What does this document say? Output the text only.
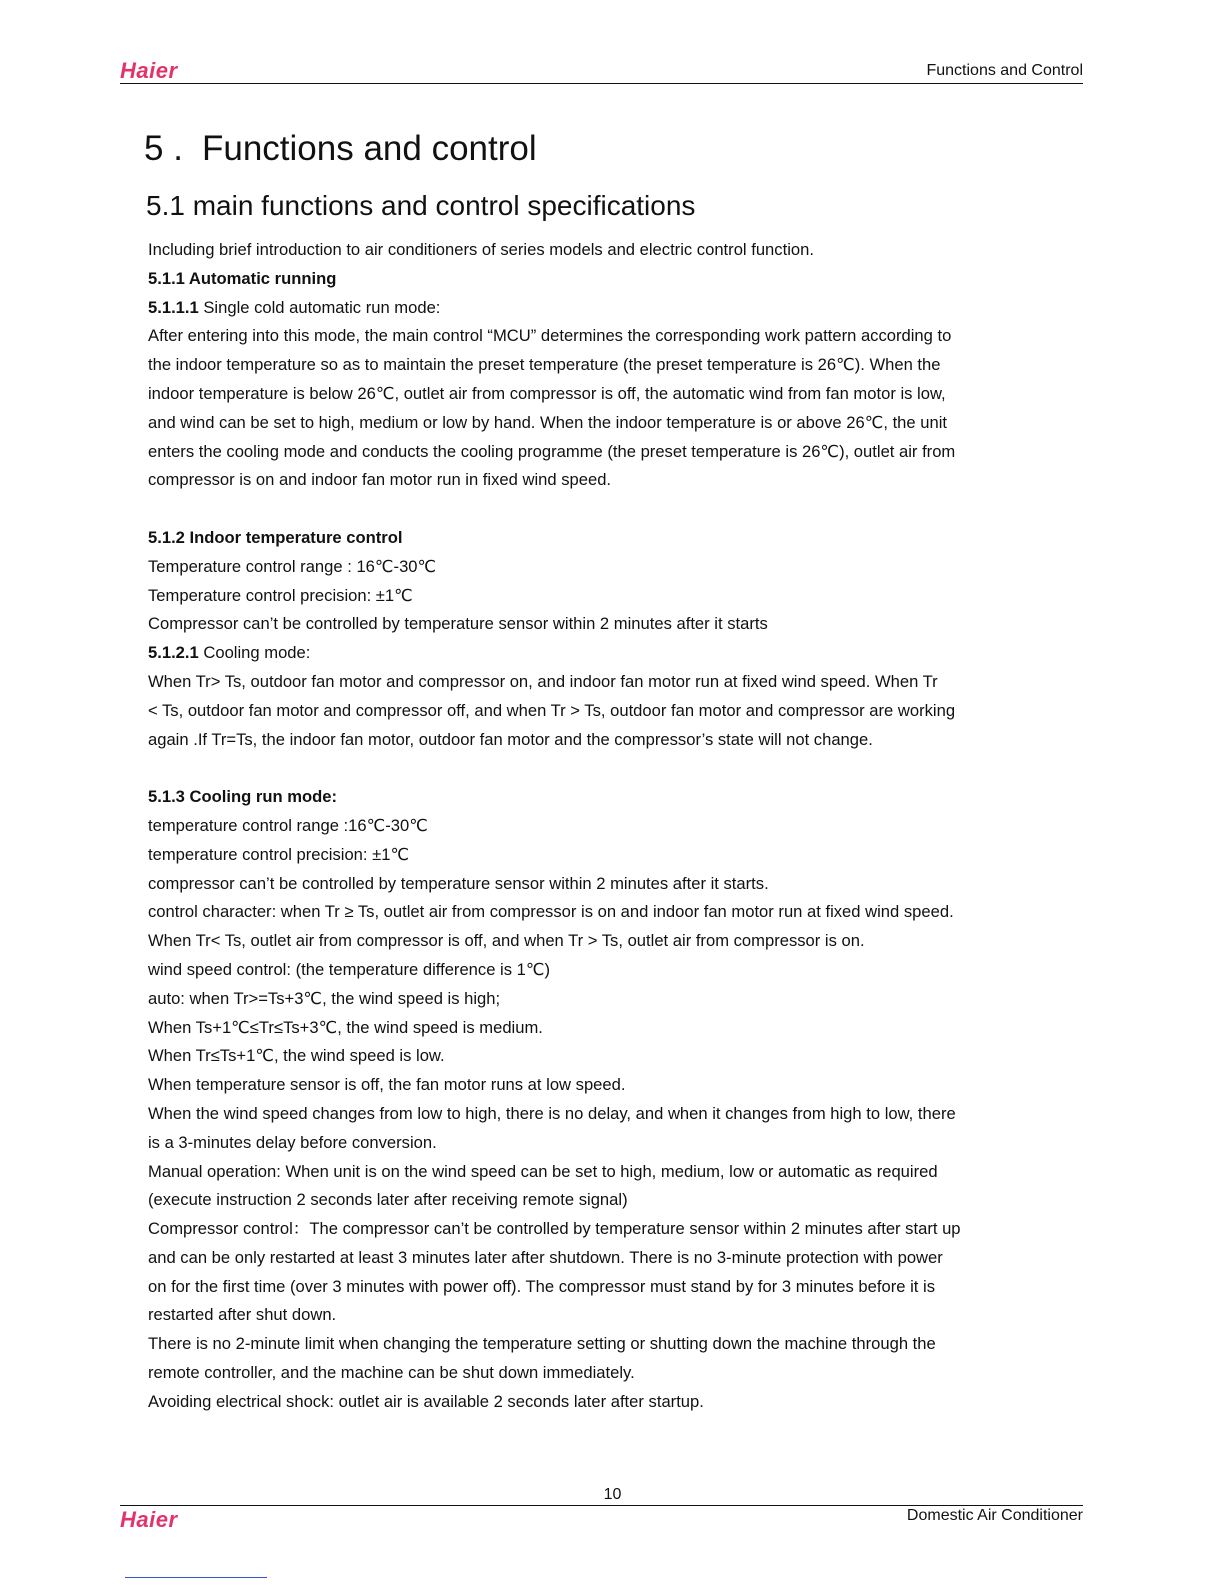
Haier	Functions and Control
5 . Functions and control
5.1 main functions and control specifications

Including brief introduction to air conditioners of series models and electric control function.

5.1.1 Automatic running

5.1.1.1 Single cold automatic run mode:

After entering into this mode, the main control “MCU” determines the corresponding work pattern according to

the indoor temperature so as to maintain the preset temperature (the preset temperature is 26℃). When the

indoor temperature is below 26℃, outlet air from compressor is off, the automatic wind from fan motor is low,

and wind can be set to high, medium or low by hand. When the indoor temperature is or above 26℃, the unit

enters the cooling mode and conducts the cooling programme (the preset temperature is 26℃), outlet air from

compressor is on and indoor fan motor run in fixed wind speed.

5.1.2 Indoor temperature control

Temperature control range : 16℃-30℃

Temperature control precision: ±1℃

Compressor can’t be controlled by temperature sensor within 2 minutes after it starts

5.1.2.1 Cooling mode:

When Tr> Ts, outdoor fan motor and compressor on, and indoor fan motor run at fixed wind speed. When Tr

< Ts, outdoor fan motor and compressor off, and when Tr > Ts, outdoor fan motor and compressor are working

again .If Tr=Ts, the indoor fan motor, outdoor fan motor and the compressor’s state will not change.

5.1.3 Cooling run mode:

temperature control range :16℃-30℃

temperature control precision: ±1℃

compressor can’t be controlled by temperature sensor within 2 minutes after it starts.

control character: when Tr ≥ Ts, outlet air from compressor is on and indoor fan motor run at fixed wind speed.

When Tr< Ts, outlet air from compressor is off, and when Tr > Ts, outlet air from compressor is on.

wind speed control: (the temperature difference is 1℃)

auto: when Tr>=Ts+3℃, the wind speed is high;

When Ts+1℃≤Tr≤Ts+3℃, the wind speed is medium.

When Tr≤Ts+1℃, the wind speed is low.

When temperature sensor is off, the fan motor runs at low speed.

When the wind speed changes from low to high, there is no delay, and when it changes from high to low, there

is a 3-minutes delay before conversion.

Manual operation: When unit is on the wind speed can be set to high, medium, low or automatic as required

(execute instruction 2 seconds later after receiving remote signal)

Compressor control：The compressor can’t be controlled by temperature sensor within 2 minutes after start up

and can be only restarted at least 3 minutes later after shutdown. There is no 3-minute protection with power

on for the first time (over 3 minutes with power off). The compressor must stand by for 3 minutes before it is

restarted after shut down.

There is no 2-minute limit when changing the temperature setting or shutting down the machine through the

remote controller, and the machine can be shut down immediately.

Avoiding electrical shock: outlet air is available 2 seconds later after startup.

10
Haier	Domestic Air Conditioner
